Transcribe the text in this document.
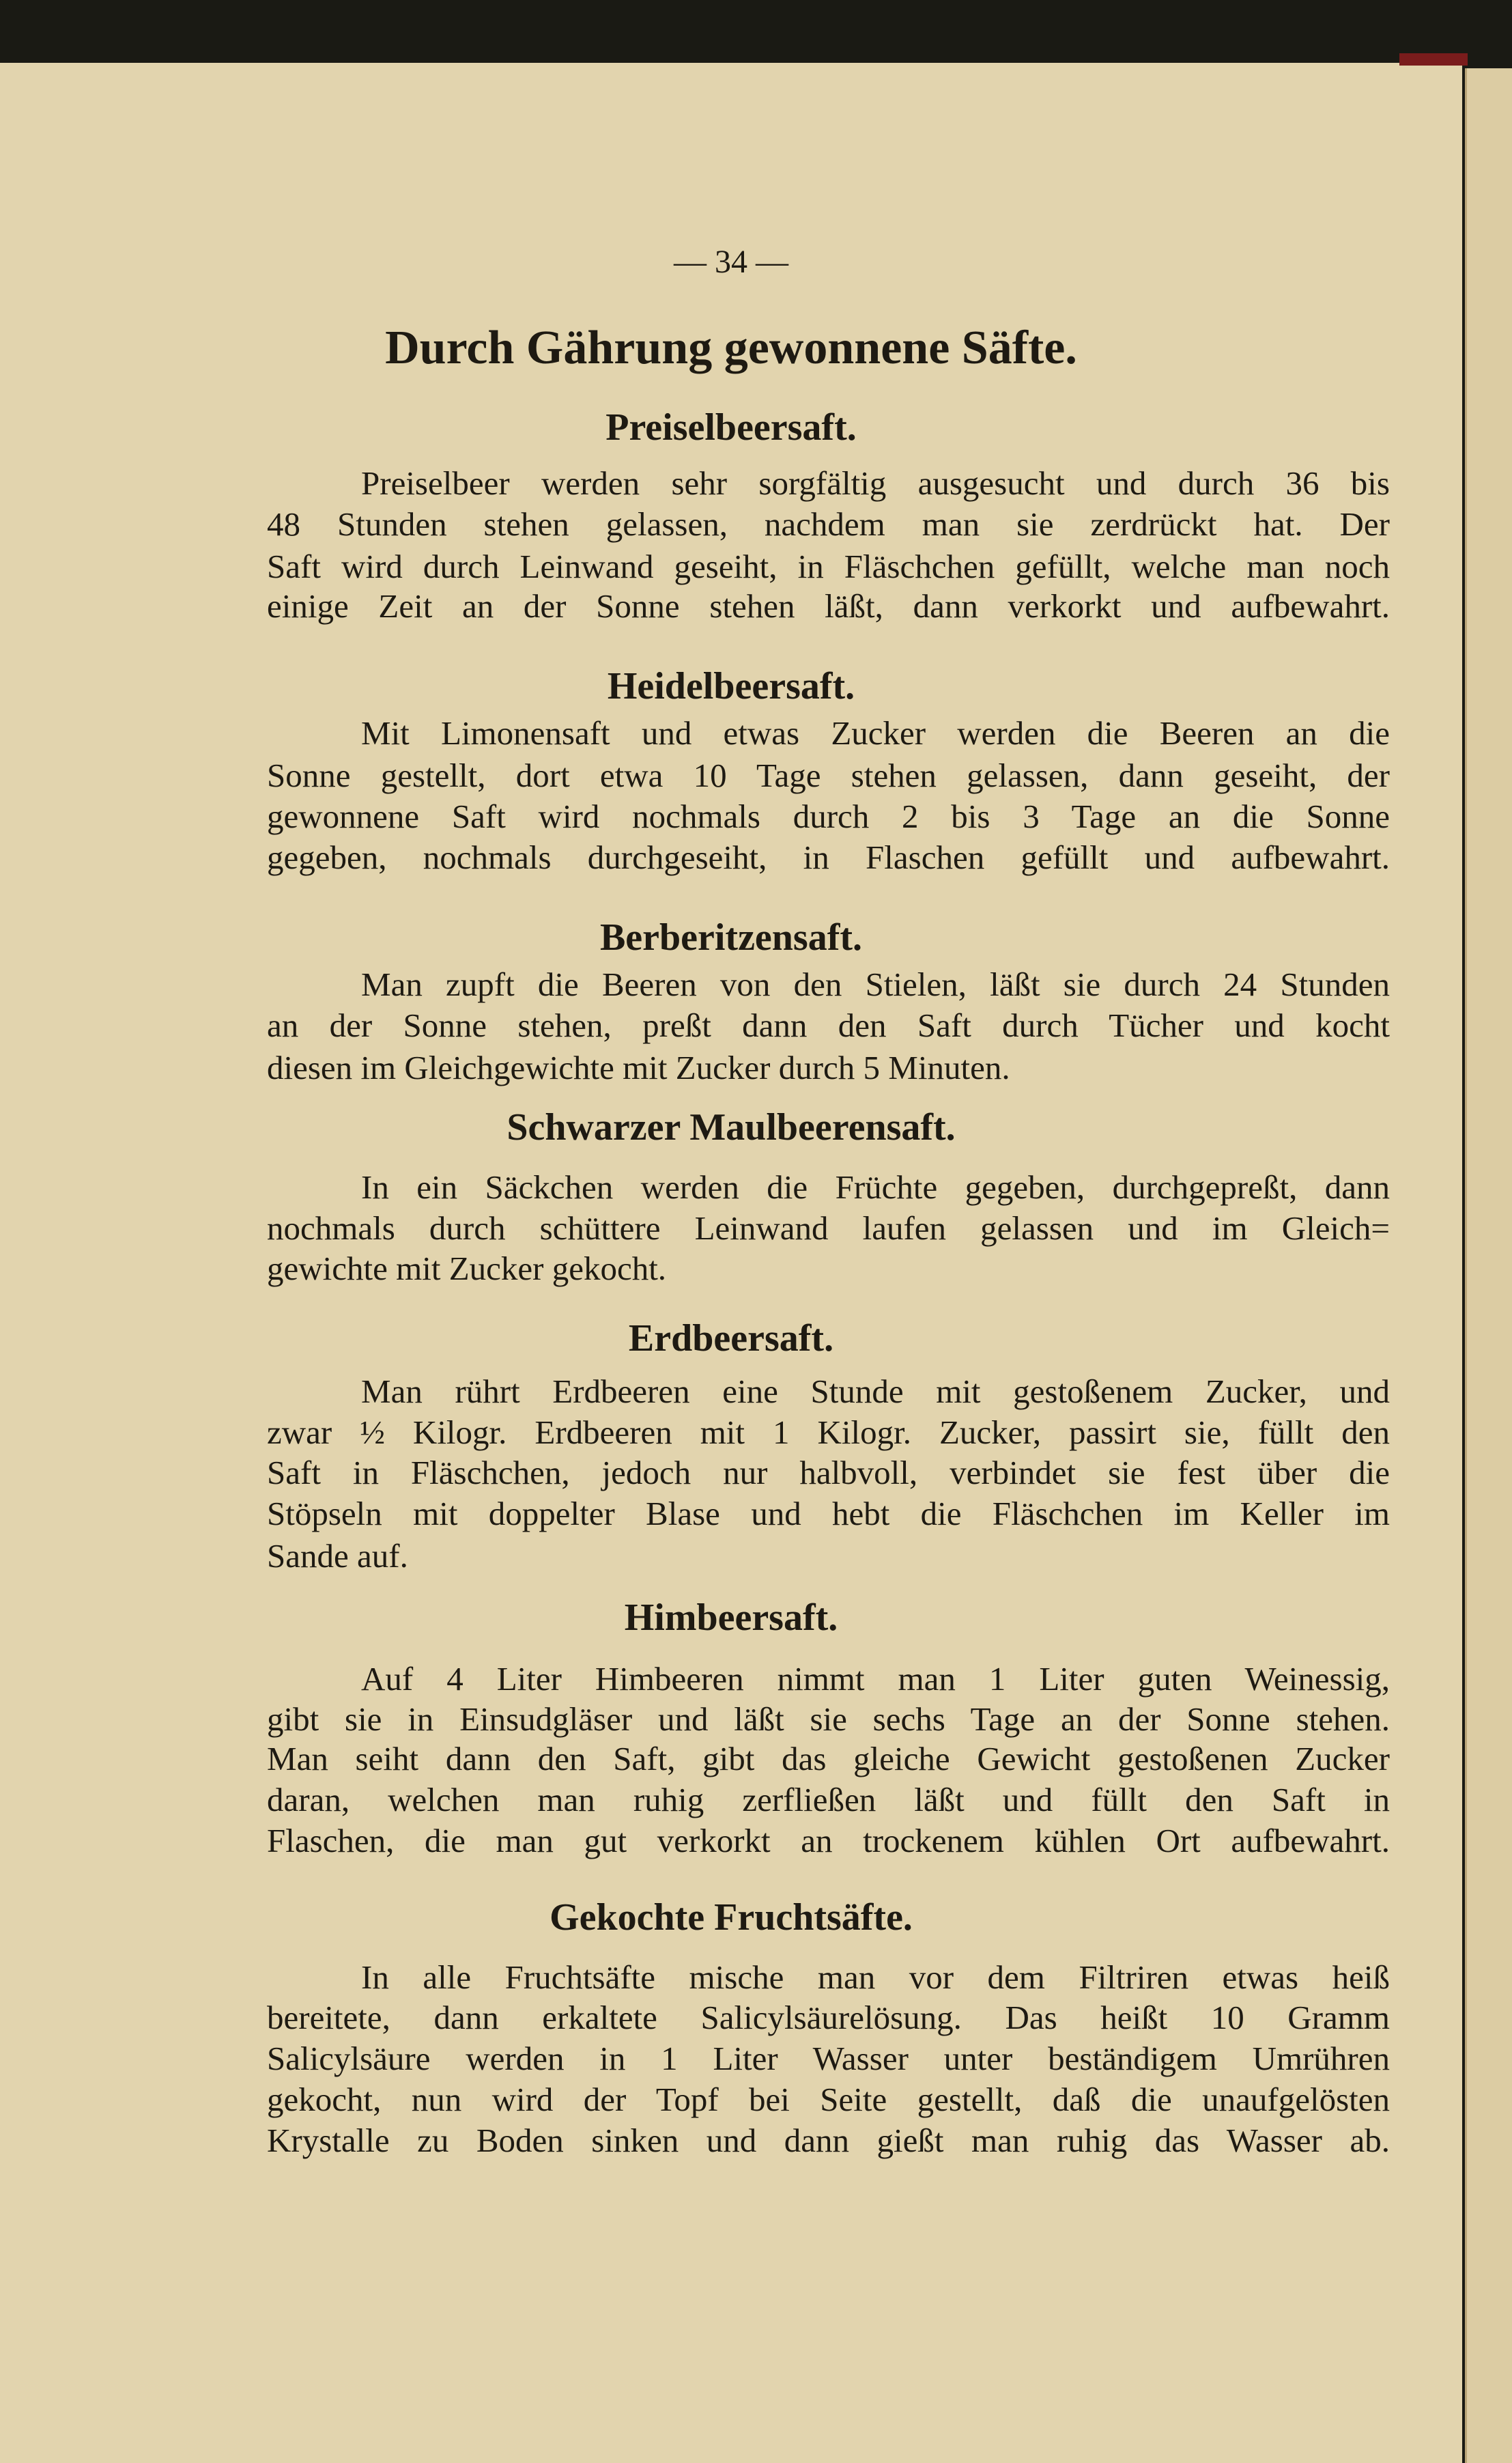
— 34 —
Durch Gährung gewonnene Säfte.
Preiselbeersaft.
Preiselbeer werden sehr sorgfältig ausgesucht und durch 36 bis
48 Stunden stehen gelassen, nachdem man sie zerdrückt hat. Der
Saft wird durch Leinwand geseiht, in Fläschchen gefüllt, welche man noch
einige Zeit an der Sonne stehen läßt, dann verkorkt und aufbewahrt.
Heidelbeersaft.
Mit Limonensaft und etwas Zucker werden die Beeren an die
Sonne gestellt, dort etwa 10 Tage stehen gelassen, dann geseiht, der
gewonnene Saft wird nochmals durch 2 bis 3 Tage an die Sonne
gegeben, nochmals durchgeseiht, in Flaschen gefüllt und aufbewahrt.
Berberitzensaft.
Man zupft die Beeren von den Stielen, läßt sie durch 24 Stunden
an der Sonne stehen, preßt dann den Saft durch Tücher und kocht
diesen im Gleichgewichte mit Zucker durch 5 Minuten.
Schwarzer Maulbeerensaft.
In ein Säckchen werden die Früchte gegeben, durchgepreßt, dann
nochmals durch schüttere Leinwand laufen gelassen und im Gleich=
gewichte mit Zucker gekocht.
Erdbeersaft.
Man rührt Erdbeeren eine Stunde mit gestoßenem Zucker, und
zwar ½ Kilogr. Erdbeeren mit 1 Kilogr. Zucker, passirt sie, füllt den
Saft in Fläschchen, jedoch nur halbvoll, verbindet sie fest über die
Stöpseln mit doppelter Blase und hebt die Fläschchen im Keller im
Sande auf.
Himbeersaft.
Auf 4 Liter Himbeeren nimmt man 1 Liter guten Weinessig,
gibt sie in Einsudgläser und läßt sie sechs Tage an der Sonne stehen.
Man seiht dann den Saft, gibt das gleiche Gewicht gestoßenen Zucker
daran, welchen man ruhig zerfließen läßt und füllt den Saft in
Flaschen, die man gut verkorkt an trockenem kühlen Ort aufbewahrt.
Gekochte Fruchtsäfte.
In alle Fruchtsäfte mische man vor dem Filtriren etwas heiß
bereitete, dann erkaltete Salicylsäurelösung. Das heißt 10 Gramm
Salicylsäure werden in 1 Liter Wasser unter beständigem Umrühren
gekocht, nun wird der Topf bei Seite gestellt, daß die unaufgelösten
Krystalle zu Boden sinken und dann gießt man ruhig das Wasser ab.
